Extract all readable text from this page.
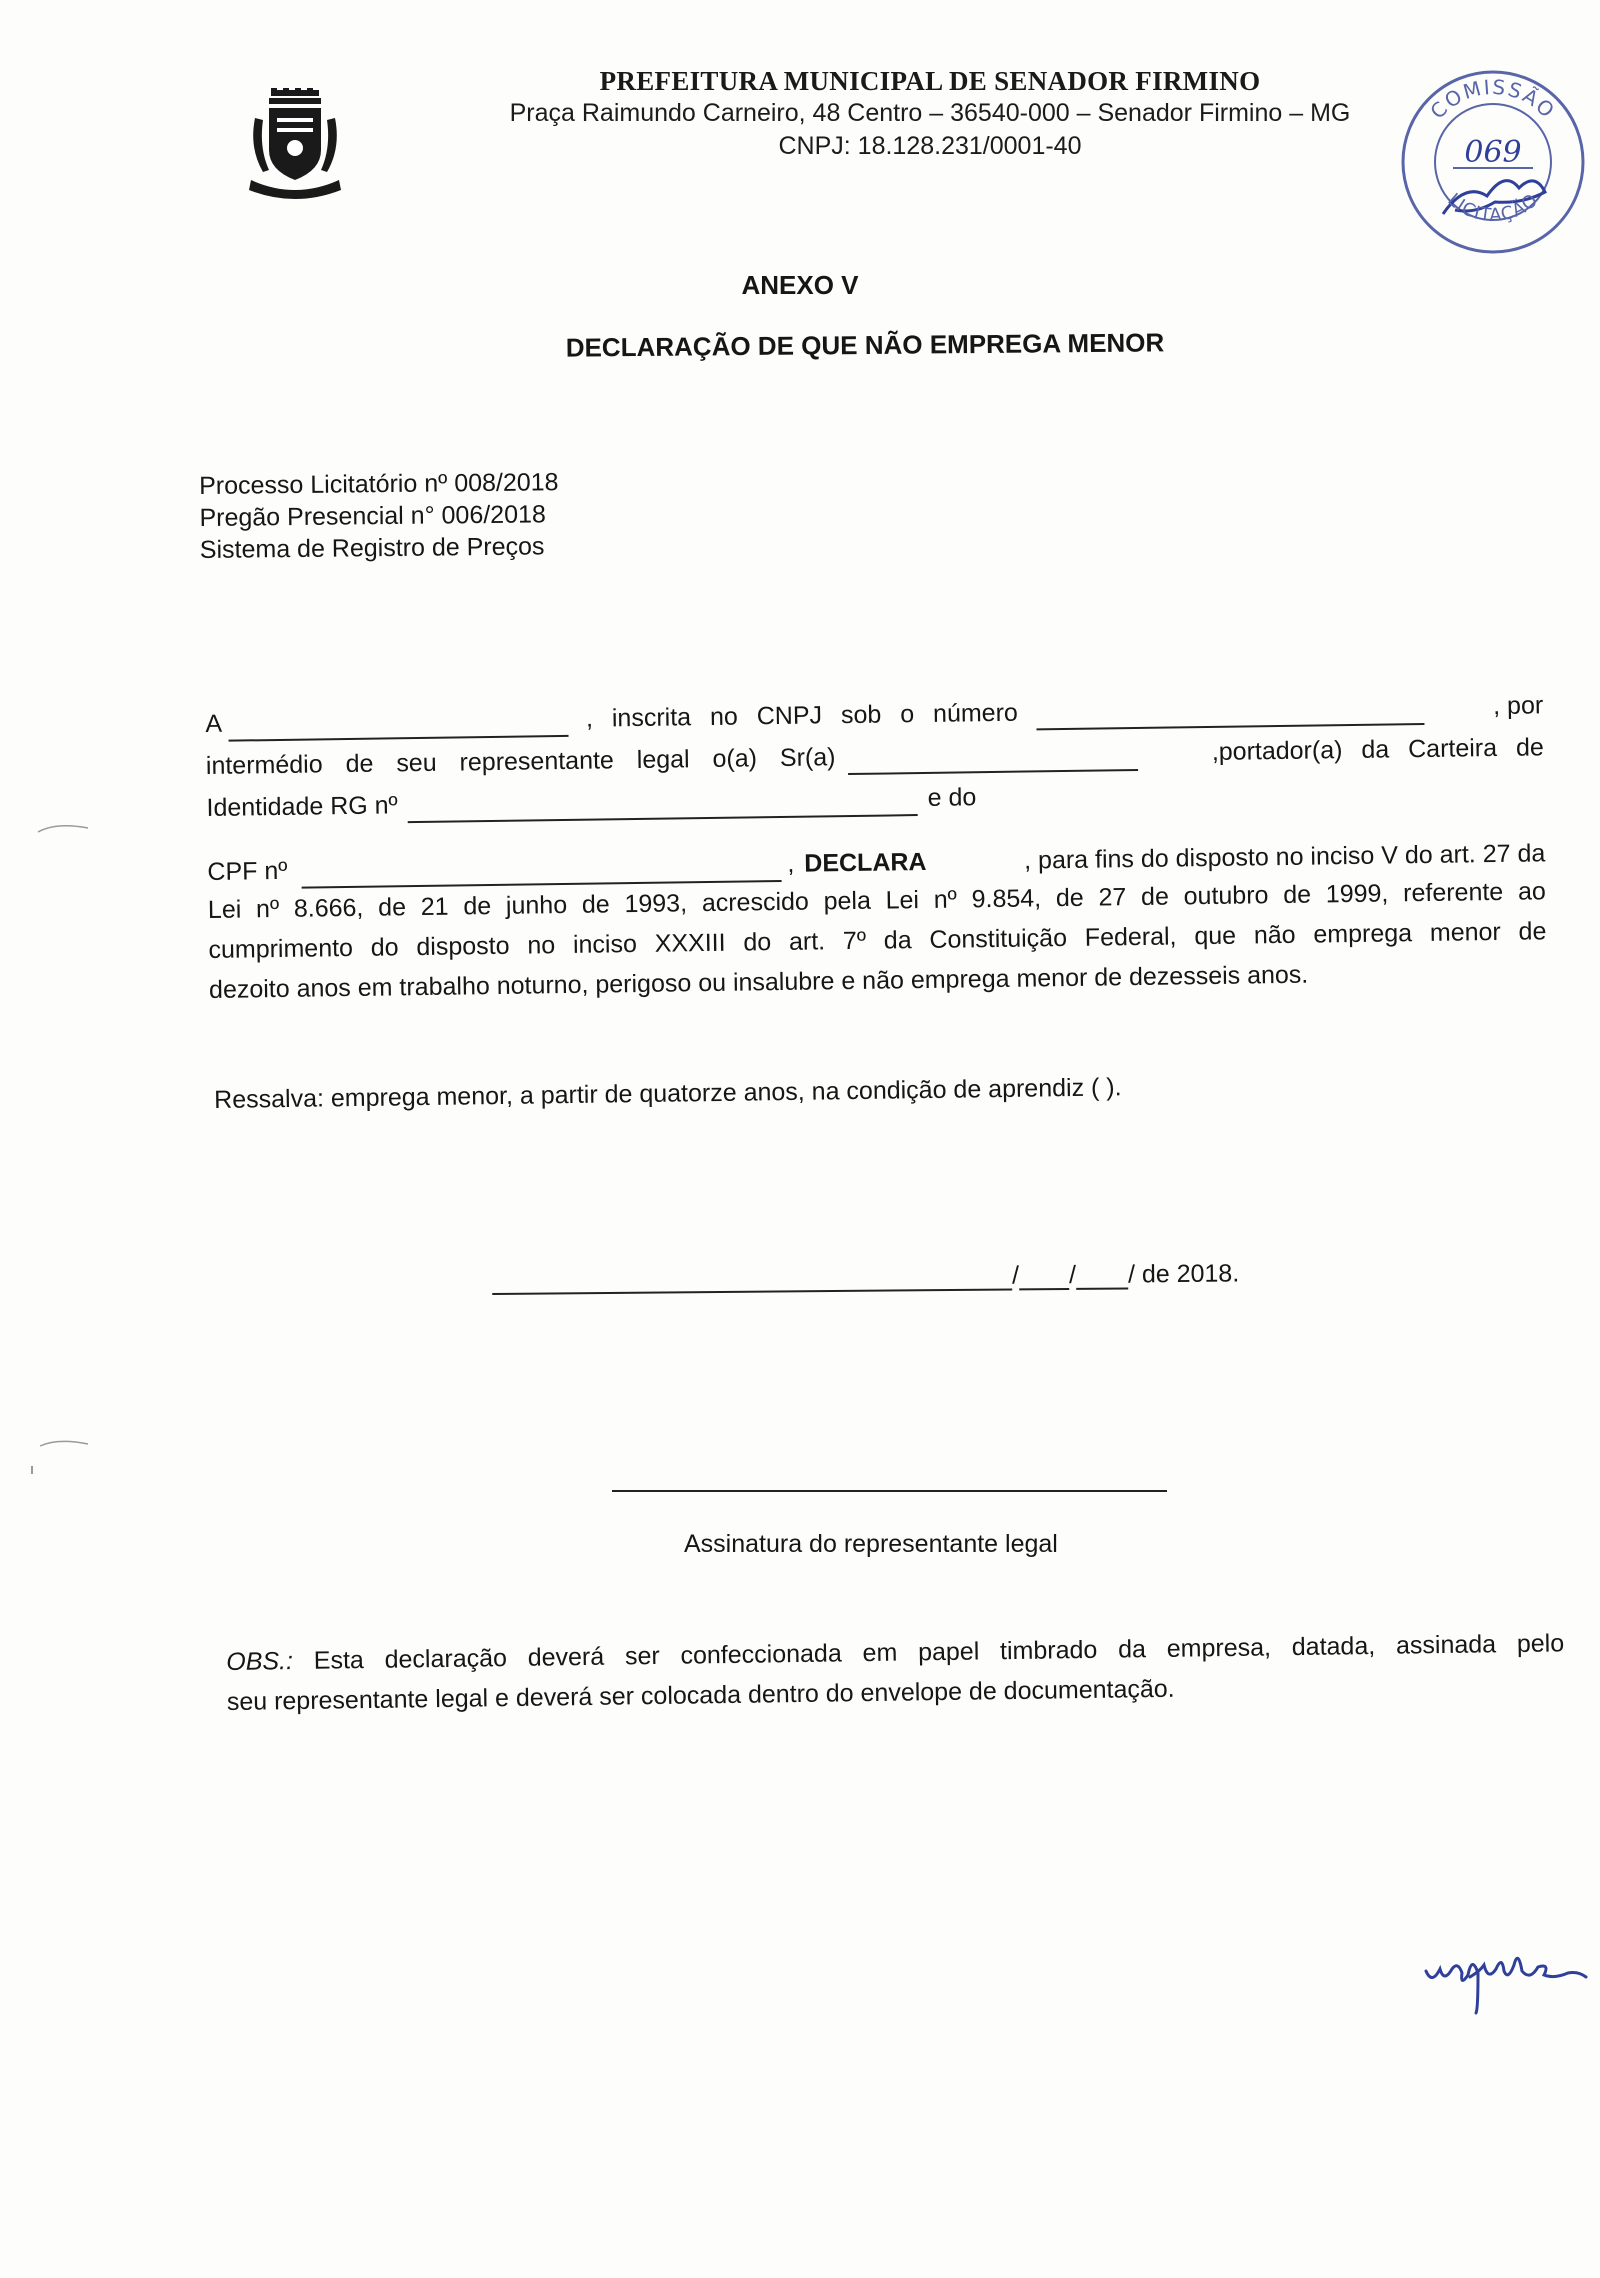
PREFEITURA MUNICIPAL DE SENADOR FIRMINO
Praça Raimundo Carneiro, 48 Centro – 36540-000 – Senador Firmino – MG
CNPJ: 18.128.231/0001-40
COMISSÃO
069
LICITAÇÃO
ANEXO V
DECLARAÇÃO DE QUE NÃO EMPREGA MENOR
Processo Licitatório nº 008/2018
Pregão Presencial n° 006/2018
Sistema de Registro de Preços
A	, inscrita no CNPJ sob o número	, por
intermédio de seu representante legal o(a) Sr(a)	,portador(a) da Carteira de
Identidade RG nº	e do
CPF nº	, DECLARA	, para fins do disposto no inciso V do art. 27 da
Lei nº 8.666, de 21 de junho de 1993, acrescido pela Lei nº 9.854, de 27 de outubro de 1999, referente ao
cumprimento do disposto no inciso XXXIII do art. 7º da Constituição Federal, que não emprega menor de
dezoito anos em trabalho noturno, perigoso ou insalubre e não emprega menor de dezesseis anos.
Ressalva: emprega menor, a partir de quatorze anos, na condição de aprendiz ( ).
/ / / de 2018.
Assinatura do representante legal
OBS.: Esta declaração deverá ser confeccionada em papel timbrado da empresa, datada, assinada pelo
seu representante legal e deverá ser colocada dentro do envelope de documentação.
